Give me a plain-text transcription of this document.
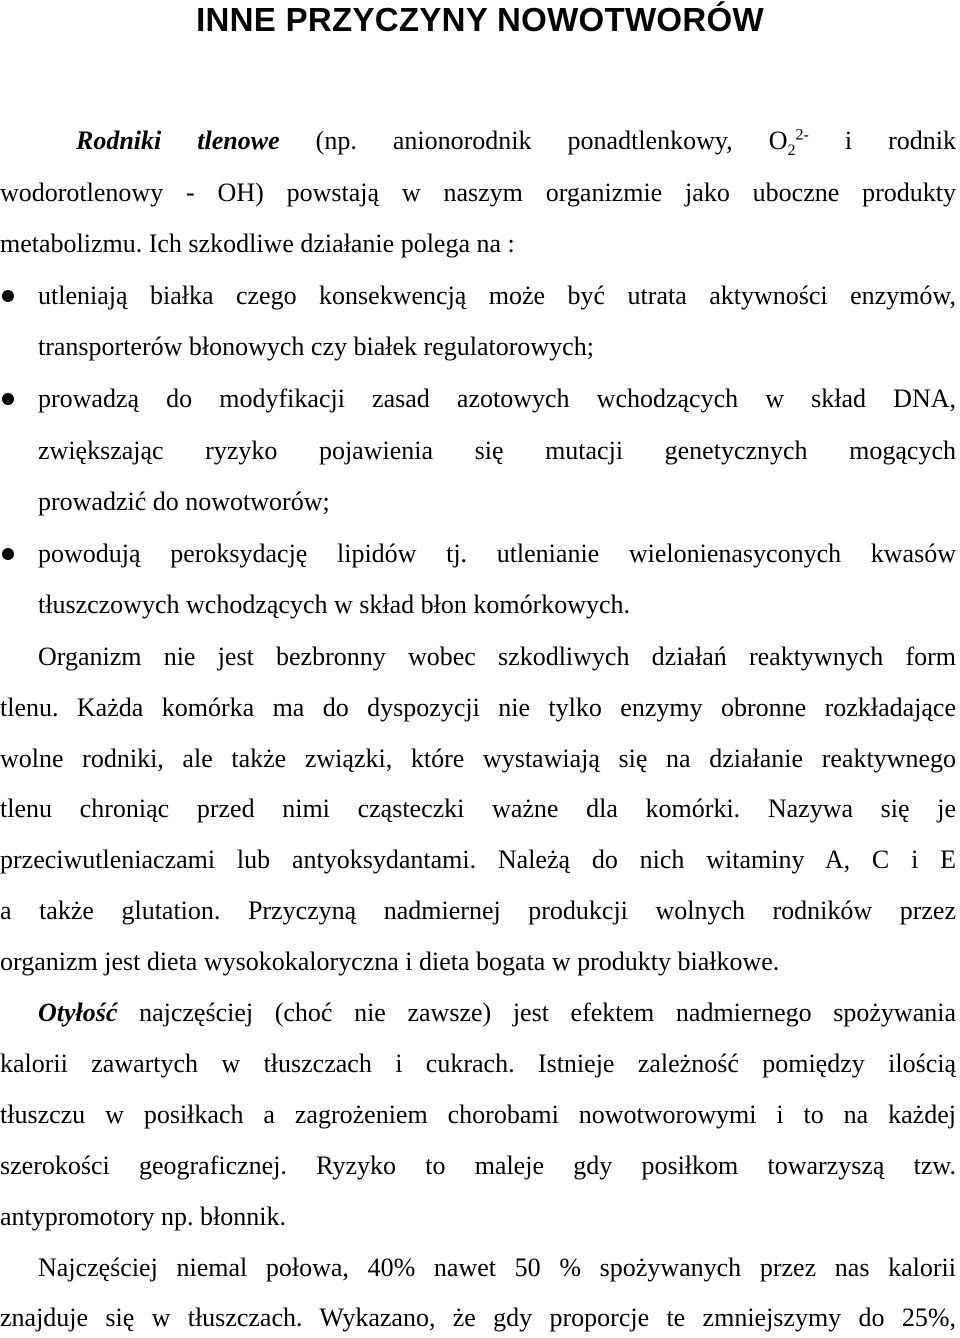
INNE PRZYCZYNY NOWOTWORÓW
Rodniki tlenowe (np. anionorodnik ponadtlenkowy, $O_2^{2-}$ i rodnik
wodorotlenowy - OH) powstają w naszym organizmie jako uboczne produkty
metabolizmu. Ich szkodliwe działanie polega na :
utleniają białka czego konsekwencją może być utrata aktywności enzymów,
transporterów błonowych czy białek regulatorowych;
prowadzą do modyfikacji zasad azotowych wchodzących w skład DNA,
zwiększając ryzyko pojawienia się mutacji genetycznych mogących
prowadzić do nowotworów;
powodują peroksydację lipidów tj. utlenianie wielonienasyconych kwasów
tłuszczowych wchodzących w skład błon komórkowych.
Organizm nie jest bezbronny wobec szkodliwych działań reaktywnych form
tlenu. Każda komórka ma do dyspozycji nie tylko enzymy obronne rozkładające
wolne rodniki, ale także związki, które wystawiają się na działanie reaktywnego
tlenu chroniąc przed nimi cząsteczki ważne dla komórki. Nazywa się je
przeciwutleniaczami lub antyoksydantami. Należą do nich witaminy A, C i E
a także glutation. Przyczyną nadmiernej produkcji wolnych rodników przez
organizm jest dieta wysokokaloryczna i dieta bogata w produkty białkowe.
Otyłość najczęściej (choć nie zawsze) jest efektem nadmiernego spożywania
kalorii zawartych w tłuszczach i cukrach. Istnieje zależność pomiędzy ilością
tłuszczu w posiłkach a zagrożeniem chorobami nowotworowymi i to na każdej
szerokości geograficznej. Ryzyko to maleje gdy posiłkom towarzyszą tzw.
antypromotory np. błonnik.
Najczęściej niemal połowa, 40% nawet 50 % spożywanych przez nas kalorii
znajduje się w tłuszczach. Wykazano, że gdy proporcje te zmniejszymy do 25%,
